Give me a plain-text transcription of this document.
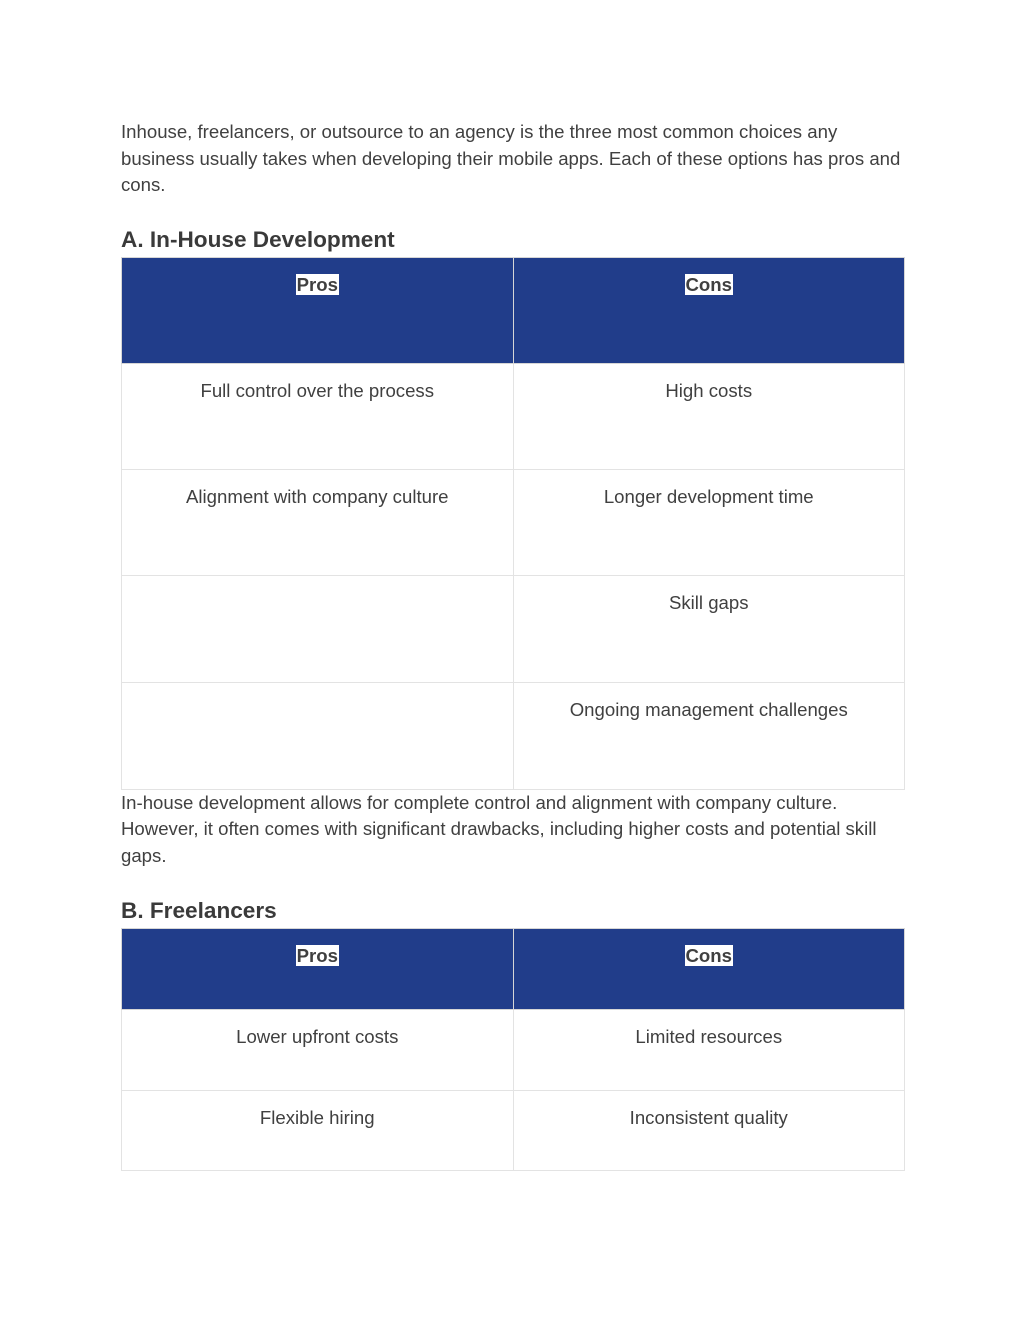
Inhouse, freelancers, or outsource to an agency is the three most common choices any business usually takes when developing their mobile apps. Each of these options has pros and cons.

A. In-House Development
Pros	Cons
Full control over the process	High costs
Alignment with company culture	Longer development time
	Skill gaps
	Ongoing management challenges

In-house development allows for complete control and alignment with company culture. However, it often comes with significant drawbacks, including higher costs and potential skill gaps.

B. Freelancers
Pros	Cons
Lower upfront costs	Limited resources
Flexible hiring	Inconsistent quality
